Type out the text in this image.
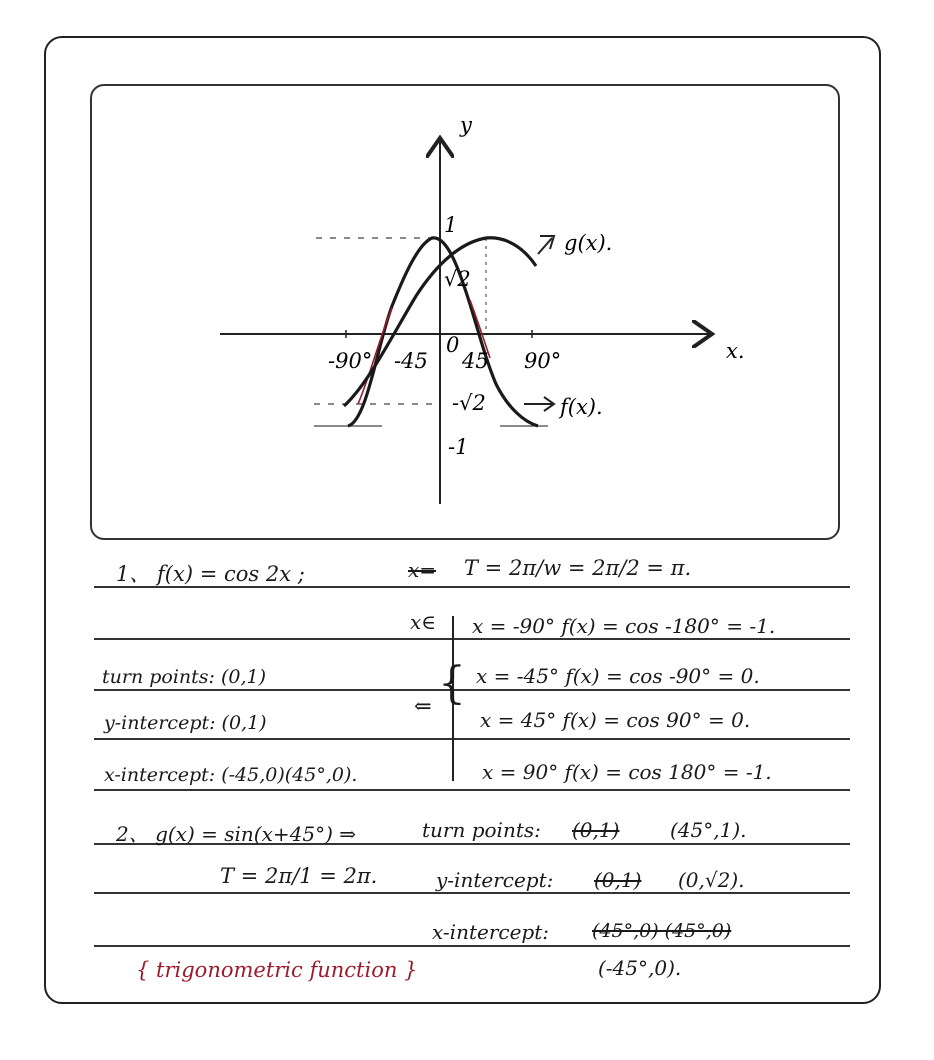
y
x.
0
-90° -45 45 90°
1
√2
-√2
-1
g(x).
f(x).
1、 f(x) = cos 2x ;	x= T = 2π/w = 2π/2 = π.
x∈
{
x = -90° f(x) = cos -180° = -1.
x = -45° f(x) = cos -90° = 0.
x = 45° f(x) = cos 90° = 0.
x = 90° f(x) = cos 180° = -1.
⇐
turn points: (0,1)
y-intercept: (0,1)
x-intercept: (-45,0)(45°,0).
2、 g(x) = sin(x+45°) ⇒	turn points: (0,1)	(45°,1).
T = 2π/1 = 2π.	y-intercept: (0,1) (0,√2).
x-intercept: (45°,0) (45°,0)
(-45°,0).
{ trigonometric function }
